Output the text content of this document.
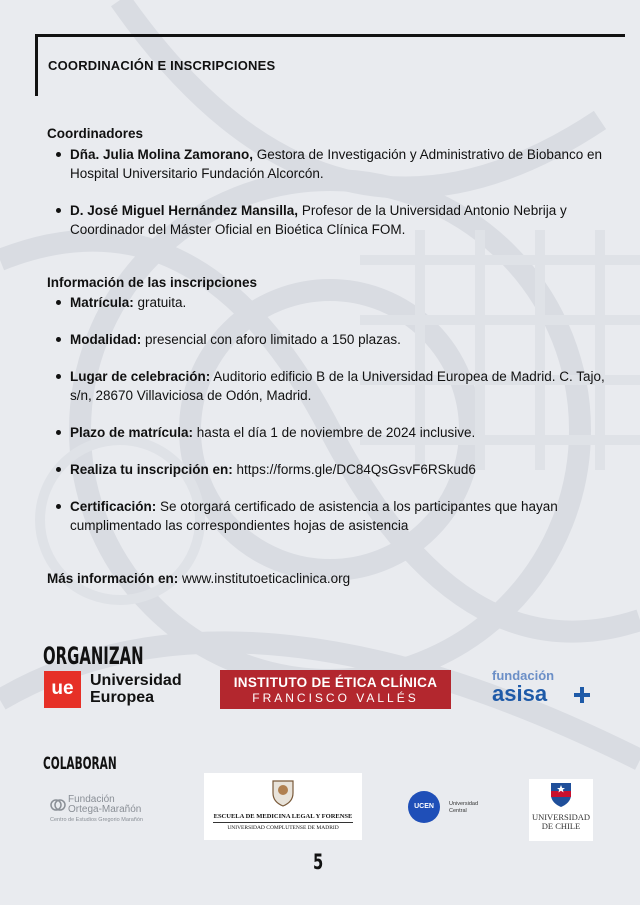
COORDINACIÓN E INSCRIPCIONES
Coordinadores
Dña. Julia Molina Zamorano, Gestora de Investigación y Administrativo de Biobanco en Hospital Universitario Fundación Alcorcón.
D. José Miguel Hernández Mansilla, Profesor de la Universidad Antonio Nebrija y Coordinador del Máster Oficial en Bioética Clínica FOM.
Información de las inscripciones
Matrícula: gratuita.
Modalidad: presencial con aforo limitado a 150 plazas.
Lugar de celebración: Auditorio edificio B de la Universidad Europea de Madrid. C. Tajo, s/n, 28670 Villaviciosa de Odón, Madrid.
Plazo de matrícula: hasta el día 1 de noviembre de 2024 inclusive.
Realiza tu inscripción en: https://forms.gle/DC84QsGsvF6RSkud6
Certificación: Se otorgará certificado de asistencia a los participantes que hayan cumplimentado las correspondientes hojas de asistencia
Más información en: www.institutoeticaclinica.org
ORGANIZAN
ue	Universidad
Europea
INSTITUTO DE ÉTICA CLÍNICA
FRANCISCO VALLÉS
fundación
asisa
COLABORAN
Fundación
Ortega-Marañón
Centro de Estudios Gregorio Marañón	ESCUELA DE MEDICINA LEGAL Y FORENSE
UNIVERSIDAD COMPLUTENSE DE MADRID
UCEN	Universidad
Central
UNIVERSIDAD
DE CHILE
5
